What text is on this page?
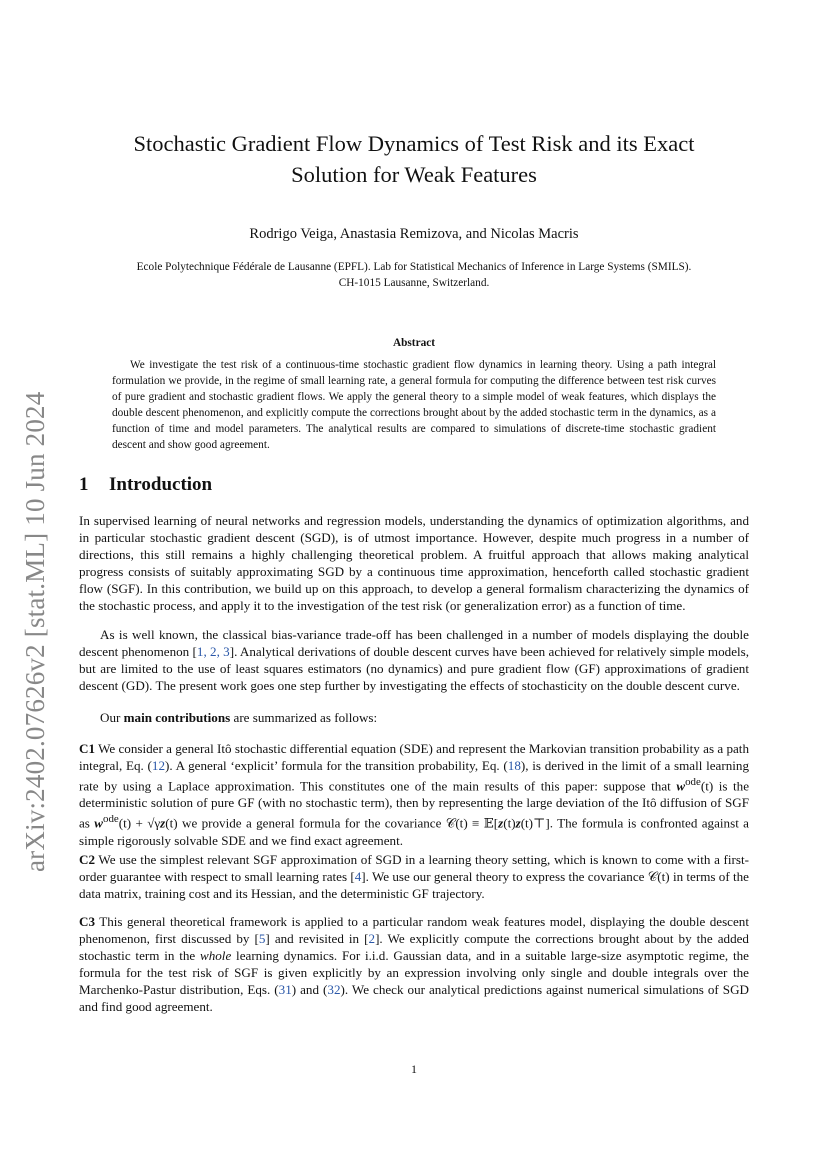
arXiv:2402.07626v2 [stat.ML] 10 Jun 2024
Stochastic Gradient Flow Dynamics of Test Risk and its Exact
Solution for Weak Features
Rodrigo Veiga, Anastasia Remizova, and Nicolas Macris
Ecole Polytechnique Fédérale de Lausanne (EPFL). Lab for Statistical Mechanics of Inference in Large Systems (SMILS).
CH-1015 Lausanne, Switzerland.
Abstract
We investigate the test risk of a continuous-time stochastic gradient flow dynamics in learning theory. Using a path integral formulation we provide, in the regime of small learning rate, a general formula for computing the difference between test risk curves of pure gradient and stochastic gradient flows. We apply the general theory to a simple model of weak features, which displays the double descent phenomenon, and explicitly compute the corrections brought about by the added stochastic term in the dynamics, as a function of time and model parameters. The analytical results are compared to simulations of discrete-time stochastic gradient descent and show good agreement.
1 Introduction
In supervised learning of neural networks and regression models, understanding the dynamics of optimization algorithms, and in particular stochastic gradient descent (SGD), is of utmost importance. However, despite much progress in a number of directions, this still remains a highly challenging theoretical problem. A fruitful approach that allows making analytical progress consists of suitably approximating SGD by a continuous time approximation, henceforth called stochastic gradient flow (SGF). In this contribution, we build up on this approach, to develop a general formalism characterizing the dynamics of the stochastic process, and apply it to the investigation of the test risk (or generalization error) as a function of time.
As is well known, the classical bias-variance trade-off has been challenged in a number of models displaying the double descent phenomenon [1, 2, 3]. Analytical derivations of double descent curves have been achieved for relatively simple models, but are limited to the use of least squares estimators (no dynamics) and pure gradient flow (GF) approximations of gradient descent (GD). The present work goes one step further by investigating the effects of stochasticity on the double descent curve.
Our main contributions are summarized as follows:
C1 We consider a general Itô stochastic differential equation (SDE) and represent the Markovian transition probability as a path integral, Eq. (12). A general ‘explicit’ formula for the transition probability, Eq. (18), is derived in the limit of a small learning rate by using a Laplace approximation. This constitutes one of the main results of this paper: suppose that $w^{ode}(t)$ is the deterministic solution of pure GF (with no stochastic term), then by representing the large deviation of the Itô diffusion of SGF as $w^{ode}(t) + √\gamma z(t)$ we provide a general formula for the covariance 𝒞(t) ≡ 𝔼[z(t)z(t)⊤]. The formula is confronted against a simple rigorously solvable SDE and we find exact agreement.
C2 We use the simplest relevant SGF approximation of SGD in a learning theory setting, which is known to come with a first-order guarantee with respect to small learning rates [4]. We use our general theory to express the covariance 𝒞(t) in terms of the data matrix, training cost and its Hessian, and the deterministic GF trajectory.
C3 This general theoretical framework is applied to a particular random weak features model, displaying the double descent phenomenon, first discussed by [5] and revisited in [2]. We explicitly compute the corrections brought about by the added stochastic term in the whole learning dynamics. For i.i.d. Gaussian data, and in a suitable large-size asymptotic regime, the formula for the test risk of SGF is given explicitly by an expression involving only single and double integrals over the Marchenko-Pastur distribution, Eqs. (31) and (32). We check our analytical predictions against numerical simulations of SGD and find good agreement.
1
